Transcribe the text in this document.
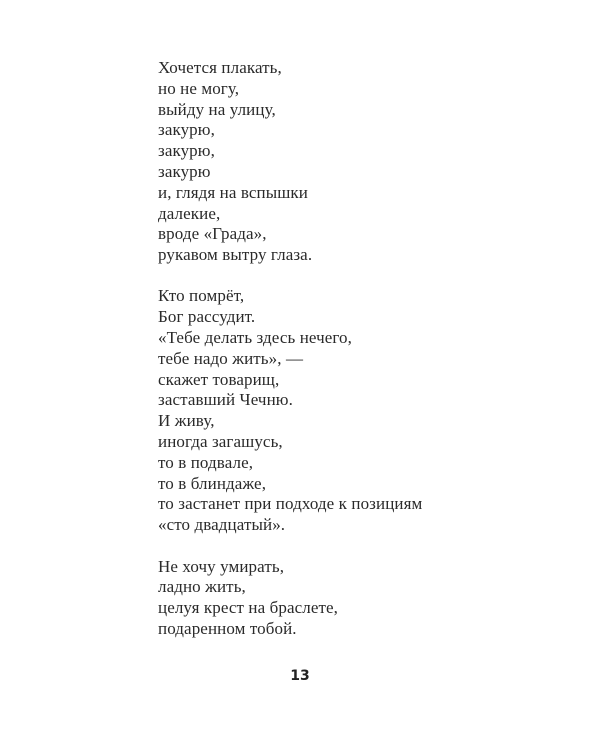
Хочется плакать,
но не могу,
выйду на улицу,
закурю,
закурю,
закурю
и, глядя на вспышки
далекие,
вроде «Града»,
рукавом вытру глаза.

Кто помрёт,
Бог рассудит.
«Тебе делать здесь нечего,
тебе надо жить», —
скажет товарищ,
заставший Чечню.
И живу,
иногда загашусь,
то в подвале,
то в блиндаже,
то застанет при подходе к позициям
«сто двадцатый».

Не хочу умирать,
ладно жить,
целуя крест на браслете,
подаренном тобой.

13
